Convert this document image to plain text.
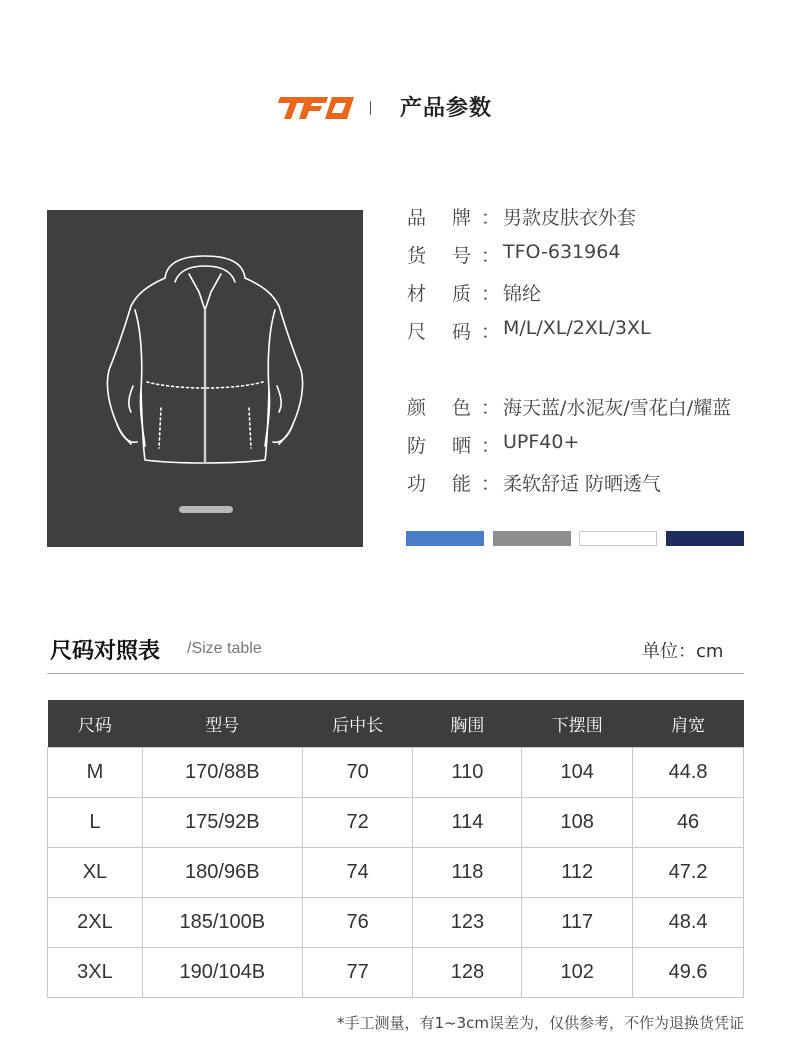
产品参数
品 牌 ： 男款皮肤衣外套
货 号 ： TFO-631964
材 质 ： 锦纶
尺 码 ： M/L/XL/2XL/3XL
颜 色 ： 海天蓝/水泥灰/雪花白/耀蓝
防 晒 ： UPF40+
功 能 ： 柔软舒适 防晒透气
尺码对照表 /Size table	单位：cm
尺码	型号	后中长	胸围	下摆围	肩宽
M	170/88B	70	110	104	44.8
L	175/92B	72	114	108	46
XL	180/96B	74	118	112	47.2
2XL	185/100B	76	123	117	48.4
3XL	190/104B	77	128	102	49.6
*手工测量，有1~3cm误差为，仅供参考，不作为退换货凭证
